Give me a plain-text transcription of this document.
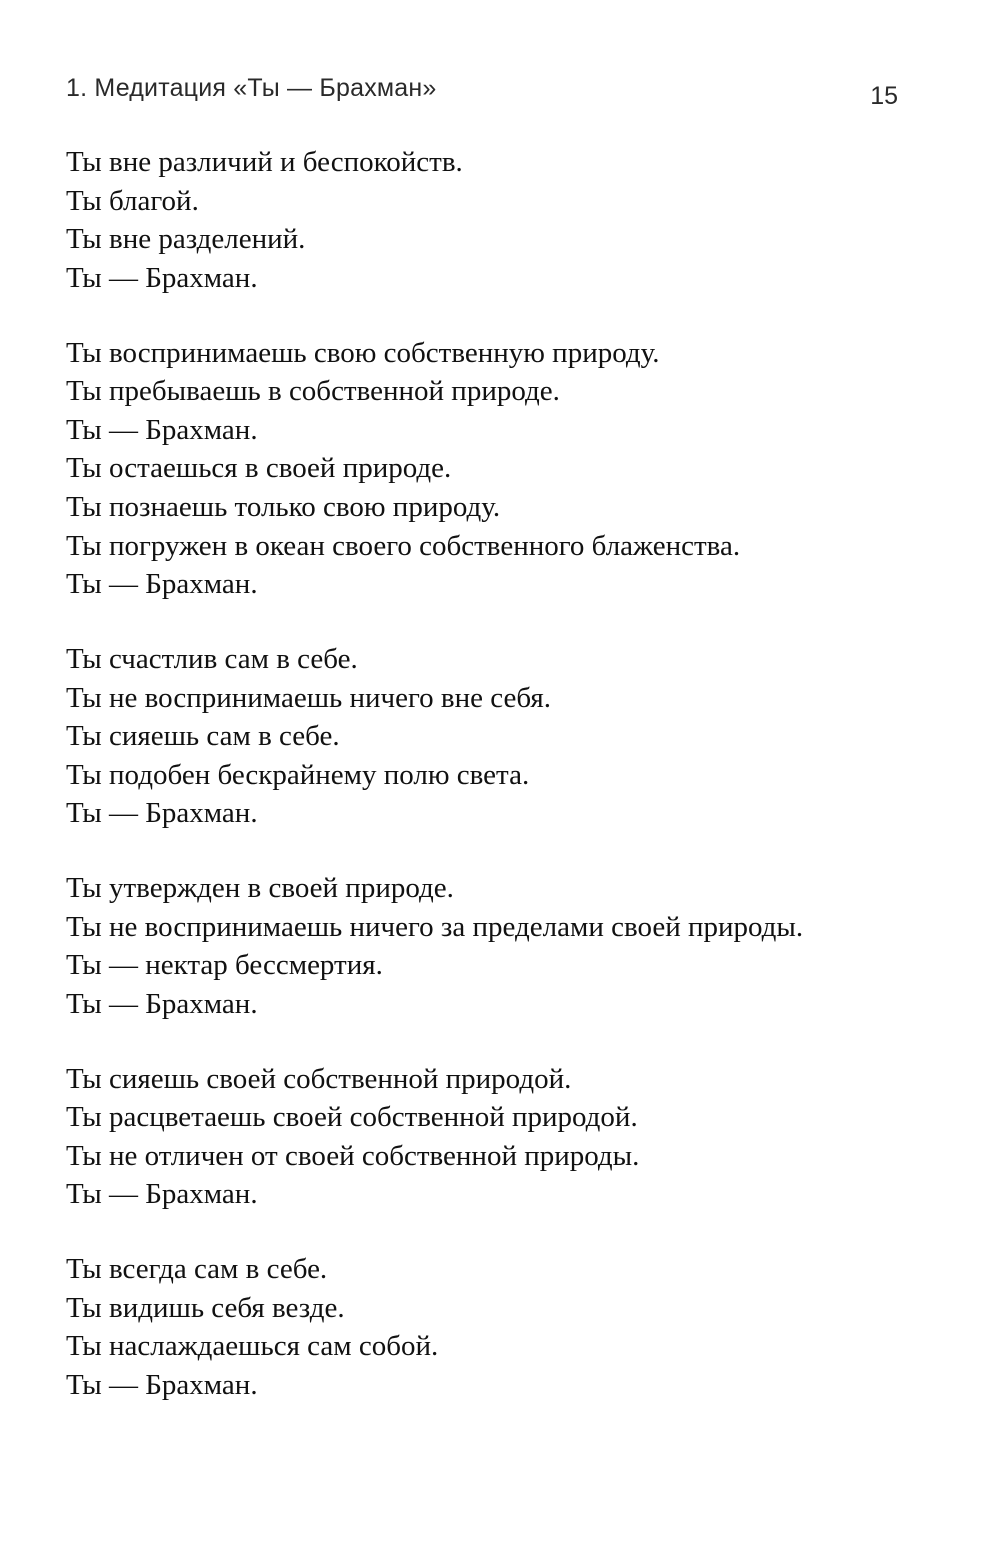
1. Медитация «Ты — Брахман»	15
Ты вне различий и беспокойств.
Ты благой.
Ты вне разделений.
Ты — Брахман.
Ты воспринимаешь свою собственную природу.
Ты пребываешь в собственной природе.
Ты — Брахман.
Ты остаешься в своей природе.
Ты познаешь только свою природу.
Ты погружен в океан своего собственного блаженства.
Ты — Брахман.
Ты счастлив сам в себе.
Ты не воспринимаешь ничего вне себя.
Ты сияешь сам в себе.
Ты подобен бескрайнему полю света.
Ты — Брахман.
Ты утвержден в своей природе.
Ты не воспринимаешь ничего за пределами своей природы.
Ты — нектар бессмертия.
Ты — Брахман.
Ты сияешь своей собственной природой.
Ты расцветаешь своей собственной природой.
Ты не отличен от своей собственной природы.
Ты — Брахман.
Ты всегда сам в себе.
Ты видишь себя везде.
Ты наслаждаешься сам собой.
Ты — Брахман.
